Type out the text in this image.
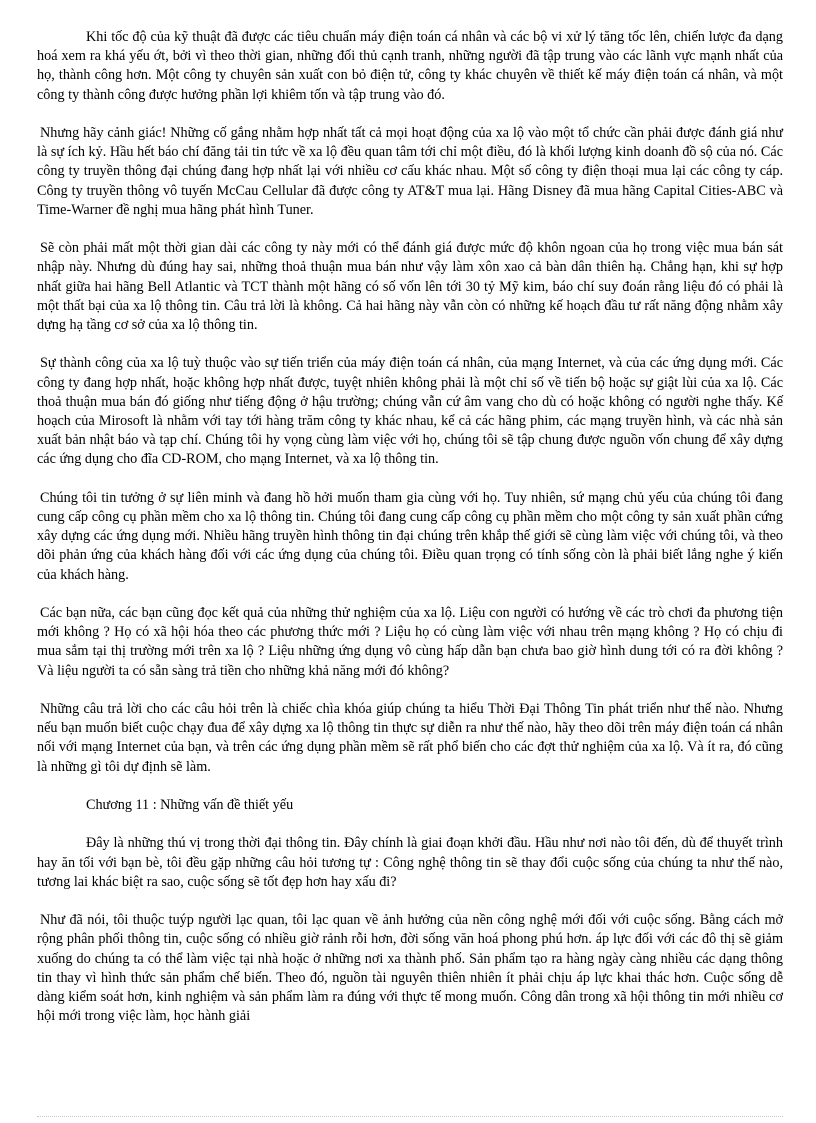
Khi tốc độ của kỹ thuật đã được các tiêu chuẩn máy điện toán cá nhân và các bộ vi xử lý tăng tốc lên, chiến lược đa dạng hoá xem ra khá yếu ớt, bởi vì theo thời gian, những đối thủ cạnh tranh, những người đã tập trung vào các lãnh vực mạnh nhất của họ, thành công hơn. Một công ty chuyên sản xuất con bỏ điện tử, công ty khác chuyên về thiết kế máy điện toán cá nhân, và một công ty thành công được hưởng phần lợi khiêm tốn và tập trung vào đó.

Nhưng hãy cảnh giác! Những cố gắng nhằm hợp nhất tất cả mọi hoạt động của xa lộ vào một tổ chức cần phải được đánh giá như là sự ích kỷ. Hầu hết báo chí đăng tải tin tức về xa lộ đều quan tâm tới chỉ một điều, đó là khối lượng kinh doanh đồ sộ của nó. Các công ty truyền thông đại chúng đang hợp nhất lại với nhiều cơ cấu khác nhau. Một số công ty điện thoại mua lại các công ty cáp. Công ty truyền thông vô tuyến McCau Cellular đã được công ty AT&T mua lại. Hãng Disney đã mua hãng Capital Cities-ABC và Time-Warner đề nghị mua hãng phát hình Tuner.

Sẽ còn phải mất một thời gian dài các công ty này mới có thể đánh giá được mức độ khôn ngoan của họ trong việc mua bán sát nhập này. Nhưng dù đúng hay sai, những thoả thuận mua bán như vậy làm xôn xao cả bàn dân thiên hạ. Chẳng hạn, khi sự hợp nhất giữa hai hãng Bell Atlantic và TCT thành một hãng có số vốn lên tới 30 tỷ Mỹ kim, báo chí suy đoán rằng liệu đó có phải là một thất bại của xa lộ thông tin. Câu trả lời là không. Cả hai hãng này vẫn còn có những kế hoạch đầu tư rất năng động nhằm xây dựng hạ tầng cơ sở của xa lộ thông tin.

Sự thành công của xa lộ tuỳ thuộc vào sự tiến triển của máy điện toán cá nhân, của mạng Internet, và của các ứng dụng mới. Các công ty đang hợp nhất, hoặc không hợp nhất được, tuyệt nhiên không phải là một chỉ số về tiến bộ hoặc sự giật lùi của xa lộ. Các thoả thuận mua bán đó giống như tiếng động ở hậu trường; chúng vẫn cứ âm vang cho dù có hoặc không có người nghe thấy. Kế hoạch của Mirosoft là nhằm với tay tới hàng trăm công ty khác nhau, kể cả các hãng phim, các mạng truyền hình, và các nhà sản xuất bản nhật báo và tạp chí. Chúng tôi hy vọng cùng làm việc với họ, chúng tôi sẽ tập chung được nguồn vốn chung để xây dựng các ứng dụng cho đĩa CD-ROM, cho mạng Internet, và xa lộ thông tin.

Chúng tôi tin tưởng ở sự liên minh và đang hồ hởi muốn tham gia cùng với họ. Tuy nhiên, sứ mạng chủ yếu của chúng tôi đang cung cấp công cụ phần mềm cho xa lộ thông tin. Chúng tôi đang cung cấp công cụ phần mềm cho một công ty sản xuất phần cứng xây dựng các ứng dụng mới. Nhiều hãng truyền hình thông tin đại chúng trên khắp thế giới sẽ cùng làm việc với chúng tôi, và theo dõi phản ứng của khách hàng đối với các ứng dụng của chúng tôi. Điều quan trọng có tính sống còn là phải biết lắng nghe ý kiến của khách hàng.

Các bạn nữa, các bạn cũng đọc kết quả của những thử nghiệm của xa lộ. Liệu con người có hướng về các trò chơi đa phương tiện mới không ? Họ có xã hội hóa theo các phương thức mới ? Liệu họ có cùng làm việc với nhau trên mạng không ? Họ có chịu đi mua sắm tại thị trường mới trên xa lộ ? Liệu những ứng dụng vô cùng hấp dẫn bạn chưa bao giờ hình dung tới có ra đời không ? Và liệu người ta có sẵn sàng trả tiền cho những khả năng mới đó không?

Những câu trả lời cho các câu hỏi trên là chiếc chìa khóa giúp chúng ta hiểu Thời Đại Thông Tin phát triển như thế nào. Nhưng nếu bạn muốn biết cuộc chạy đua để xây dựng xa lộ thông tin thực sự diễn ra như thế nào, hãy theo dõi trên máy điện toán cá nhân nối với mạng Internet của bạn, và trên các ứng dụng phần mềm sẽ rất phổ biến cho các đợt thử nghiệm của xa lộ. Và ít ra, đó cũng là những gì tôi dự định sẽ làm.

Chương 11 : Những vấn đề thiết yếu

Đây là những thú vị trong thời đại thông tin. Đây chính là giai đoạn khởi đầu. Hầu như nơi nào tôi đến, dù để thuyết trình hay ăn tối với bạn bè, tôi đều gặp những câu hỏi tương tự : Công nghệ thông tin sẽ thay đổi cuộc sống của chúng ta như thế nào, tương lai khác biệt ra sao, cuộc sống sẽ tốt đẹp hơn hay xấu đi?

Như đã nói, tôi thuộc tuýp người lạc quan, tôi lạc quan về ảnh hưởng của nền công nghệ mới đối với cuộc sống. Bằng cách mở rộng phân phối thông tin, cuộc sống có nhiều giờ rảnh rỗi hơn, đời sống văn hoá phong phú hơn. áp lực đối với các đô thị sẽ giảm xuống do chúng ta có thể làm việc tại nhà hoặc ở những nơi xa thành phố. Sản phẩm tạo ra hàng ngày càng nhiều các dạng thông tin thay vì hình thức sản phẩm chế biến. Theo đó, nguồn tài nguyên thiên nhiên ít phải chịu áp lực khai thác hơn. Cuộc sống dễ dàng kiểm soát hơn, kinh nghiệm và sản phẩm làm ra đúng với thực tế mong muốn. Công dân trong xã hội thông tin mới nhiều cơ hội mới trong việc làm, học hành giải
